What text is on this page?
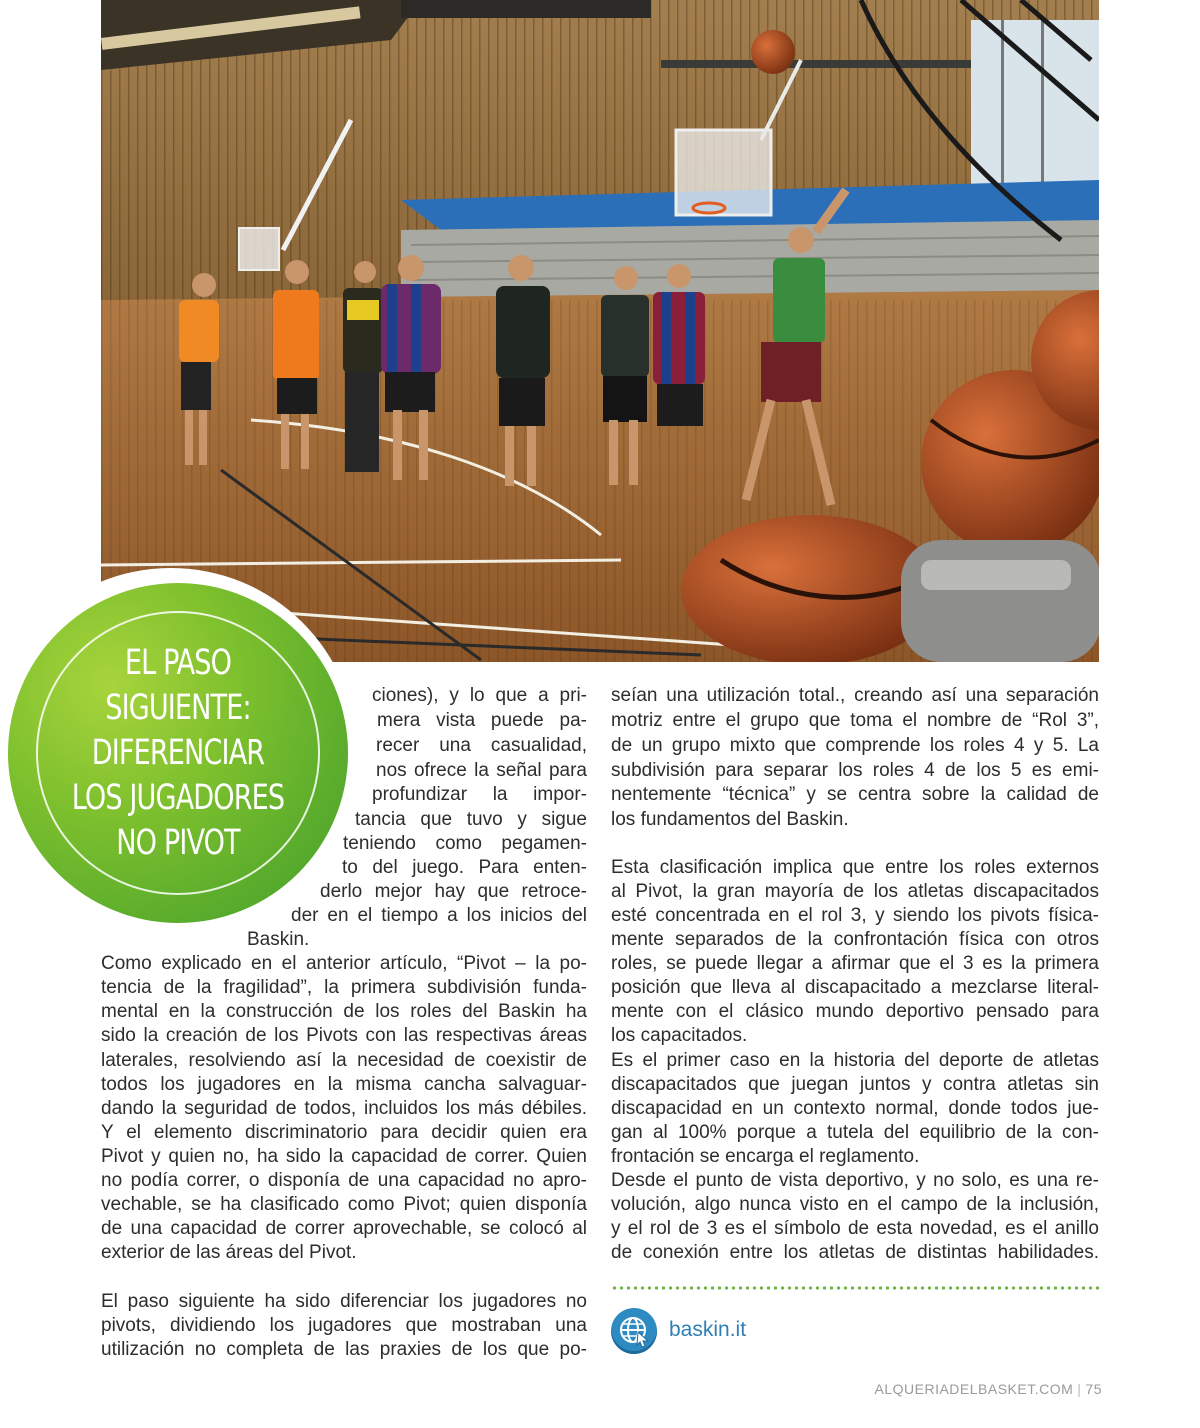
EL PASO
SIGUIENTE:
DIFERENCIAR
LOS JUGADORES
NO PIVOT
ciones), y lo que a pri-
mera vista puede pa-
recer una casualidad,
nos ofrece la señal para
profundizar la impor-
tancia que tuvo y sigue
teniendo como pegamen-
to del juego. Para enten-
derlo mejor hay que retroce-
der en el tiempo a los inicios del
Baskin.
Como explicado en el anterior artículo, “Pivot – la po-
tencia de la fragilidad”, la primera subdivisión funda-
mental en la construcción de los roles del Baskin ha
sido la creación de los Pivots con las respectivas áreas
laterales, resolviendo así la necesidad de coexistir de
todos los jugadores en la misma cancha salvaguar-
dando la seguridad de todos, incluidos los más débiles.
Y el elemento discriminatorio para decidir quien era
Pivot y quien no, ha sido la capacidad de correr. Quien
no podía correr, o disponía de una capacidad no apro-
vechable, se ha clasificado como Pivot; quien disponía
de una capacidad de correr aprovechable, se colocó al
exterior de las áreas del Pivot.
El paso siguiente ha sido diferenciar los jugadores no
pivots, dividiendo los jugadores que mostraban una
utilización no completa de las praxies de los que po-
seían una utilización total., creando así una separación
motriz entre el grupo que toma el nombre de “Rol 3”,
de un grupo mixto que comprende los roles 4 y 5. La
subdivisión para separar los roles 4 de los 5 es emi-
nentemente “técnica” y se centra sobre la calidad de
los fundamentos del Baskin.
Esta clasificación implica que entre los roles externos
al Pivot, la gran mayoría de los atletas discapacitados
esté concentrada en el rol 3, y siendo los pivots física-
mente separados de la confrontación física con otros
roles, se puede llegar a afirmar que el 3 es la primera
posición que lleva al discapacitado a mezclarse literal-
mente con el clásico mundo deportivo pensado para
los capacitados.
Es el primer caso en la historia del deporte de atletas
discapacitados que juegan juntos y contra atletas sin
discapacidad en un contexto normal, donde todos jue-
gan al 100% porque a tutela del equilibrio de la con-
frontación se encarga el reglamento.
Desde el punto de vista deportivo, y no solo, es una re-
volución, algo nunca visto en el campo de la inclusión,
y el rol de 3 es el símbolo de esta novedad, es el anillo
de conexión entre los atletas de distintas habilidades.
baskin.it
ALQUERIADELBASKET.COM | 75
